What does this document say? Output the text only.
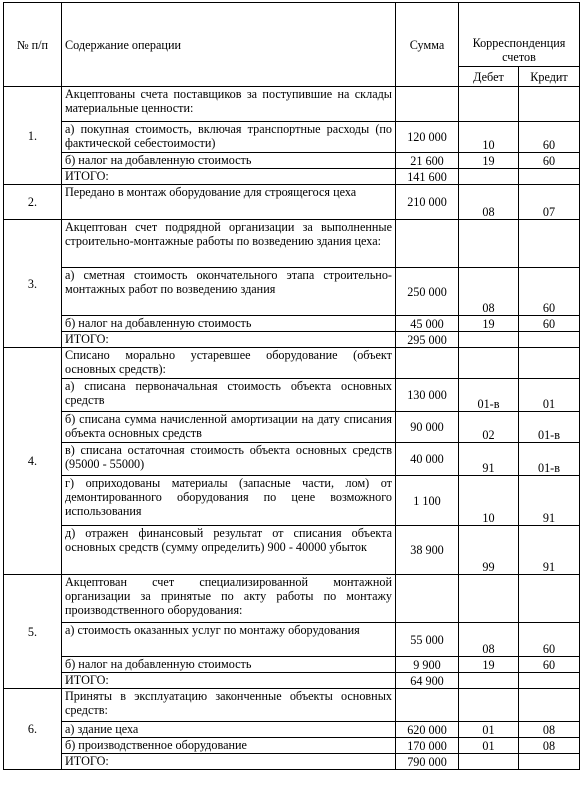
№ п/п	Содержание операции	Сумма	Корреспонденция счетов	
			Дебет	Кредит
1.	Акцептованы счета поставщиков за поступившие на склады материальные ценности:			
	а) покупная стоимость, включая транспортные расходы (по фактической себестоимости)	120 000	10	60
	б) налог на добавленную стоимость	21 600	19	60
	ИТОГО:	141 600		
2.	Передано в монтаж оборудование для строящегося цеха	210 000	08	07
3.	Акцептован счет подрядной организации за выполненные строительно-монтажные работы по возведению здания цеха:			
	а) сметная стоимость окончательного этапа строительно-монтажных работ по возведению здания	250 000	08	60
	б) налог на добавленную стоимость	45 000	19	60
	ИТОГО:	295 000		
4.	Списано морально устаревшее оборудование (объект основных средств):			
	а) списана первоначальная стоимость объекта основных средств	130 000	01-в	01
	б) списана сумма начисленной амортизации на дату списания объекта основных средств	90 000	02	01-в
	в) списана остаточная стоимость объекта основных средств (95000 - 55000)	40 000	91	01-в
	г) оприходованы материалы (запасные части, лом) от демонтированного оборудования по цене возможного использования	1 100	10	91
	д) отражен финансовый результат от списания объекта основных средств (сумму определить) 900 - 40000 убыток	38 900	99	91
5.	Акцептован счет специализированной монтажной организации за принятые по акту работы по монтажу производственного оборудования:			
	а) стоимость оказанных услуг по монтажу оборудования	55 000	08	60
	б) налог на добавленную стоимость	9 900	19	60
	ИТОГО:	64 900		
6.	Приняты в эксплуатацию законченные объекты основных средств:			
	а) здание цеха	620 000	01	08
	б) производственное оборудование	170 000	01	08
	ИТОГО:	790 000		
